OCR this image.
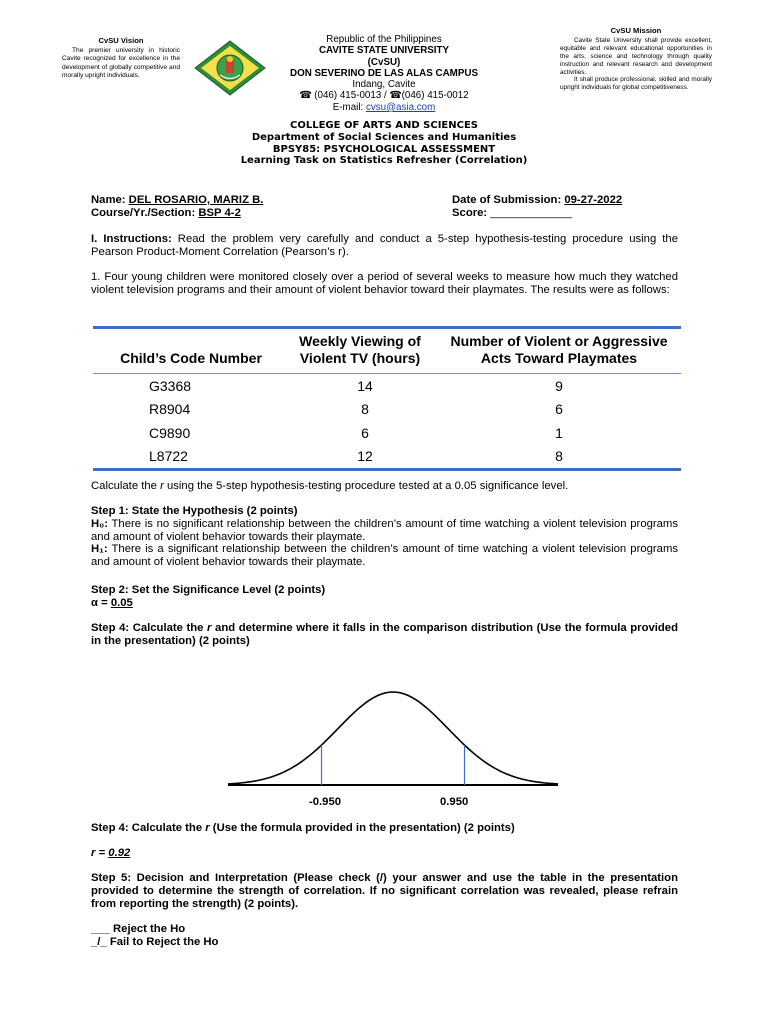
CvSU Vision
The premier university in historic Cavite recognized for excellence in the development of globally competitive and morally upright individuals.
Republic of the Philippines
CAVITE STATE UNIVERSITY
(CvSU)
DON SEVERINO DE LAS ALAS CAMPUS
Indang, Cavite
☎ (046) 415-0013 / ☎(046) 415-0012
E-mail: cvsu@asia.com
CvSU Mission
Cavite State University shall provide excellent, equitable and relevant educational opportunities in the arts, science and technology through quality instruction and relevant research and development activities.
It shall produce professional, skilled and morally upright individuals for global competitiveness.
COLLEGE OF ARTS AND SCIENCES
Department of Social Sciences and Humanities
BPSY85: PSYCHOLOGICAL ASSESSMENT
Learning Task on Statistics Refresher (Correlation)
Name: DEL ROSARIO, MARIZ B.	Date of Submission: 09-27-2022
Course/Yr./Section: BSP 4-2	Score: _____________
I. Instructions: Read the problem very carefully and conduct a 5-step hypothesis-testing procedure using the Pearson Product-Moment Correlation (Pearson’s r).
1. Four young children were monitored closely over a period of several weeks to measure how much they watched violent television programs and their amount of violent behavior toward their playmates. The results were as follows:
Child’s Code Number	Weekly Viewing of Violent TV (hours)	Number of Violent or Aggressive Acts Toward Playmates
G3368	14	9
R8904	8	6
C9890	6	1
L8722	12	8
Calculate the r using the 5-step hypothesis-testing procedure tested at a 0.05 significance level.
Step 1: State the Hypothesis (2 points)
H₀: There is no significant relationship between the children’s amount of time watching a violent television programs and amount of violent behavior towards their playmate.
H₁: There is a significant relationship between the children’s amount of time watching a violent television programs and amount of violent behavior towards their playmate.
Step 2: Set the Significance Level (2 points)
α = 0.05
Step 4: Calculate the r and determine where it falls in the comparison distribution (Use the formula provided in the presentation) (2 points)
-0.950	0.950
Step 4: Calculate the r (Use the formula provided in the presentation) (2 points)
r = 0.92
Step 5: Decision and Interpretation (Please check (/) your answer and use the table in the presentation provided to determine the strength of correlation. If no significant correlation was revealed, please refrain from reporting the strength) (2 points).
___ Reject the Ho
_/_ Fail to Reject the Ho
